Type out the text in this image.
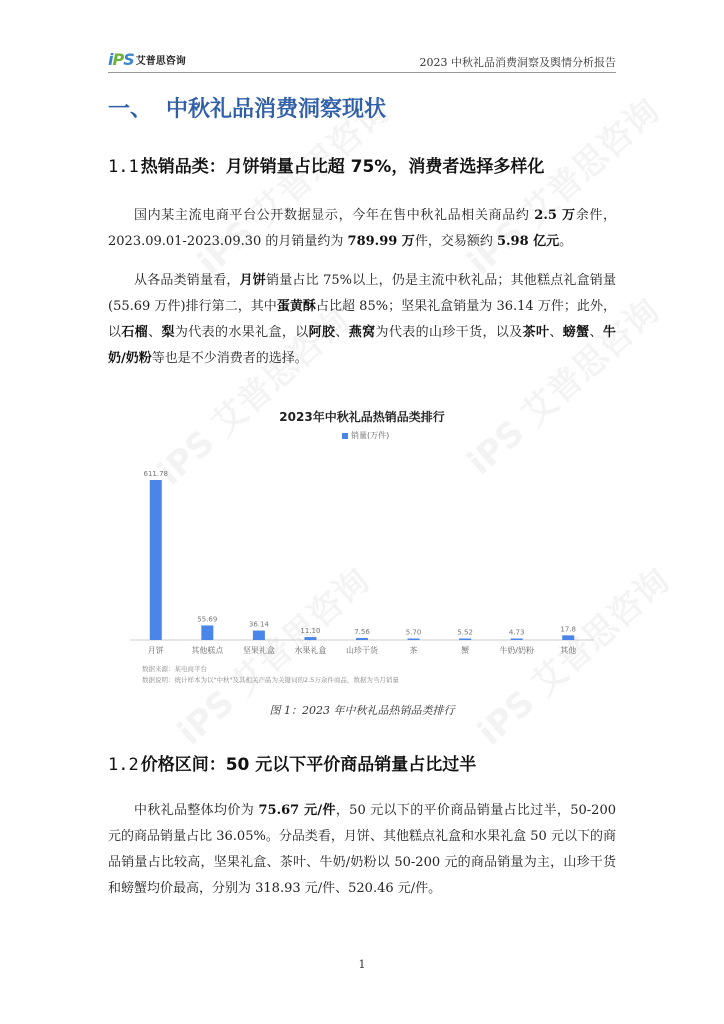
iPS 艾普思咨询	2023 中秋礼品消费洞察及舆情分析报告
一、 中秋礼品消费洞察现状
1.1 热销品类：月饼销量占比超 75%，消费者选择多样化

国内某主流电商平台公开数据显示，今年在售中秋礼品相关商品约 2.5 万余件，2023.09.01-2023.09.30 的月销量约为 789.99 万件，交易额约 5.98 亿元。

从各品类销量看，月饼销量占比 75%以上，仍是主流中秋礼品；其他糕点礼盒销量(55.69 万件)排行第二，其中蛋黄酥占比超 85%；坚果礼盒销量为 36.14 万件；此外，以石榴、梨为代表的水果礼盒，以阿胶、燕窝为代表的山珍干货，以及茶叶、螃蟹、牛奶/奶粉等也是不少消费者的选择。

2023年中秋礼品热销品类排行
销量(万件)
611.78
月饼
55.69
其他糕点
36.14
坚果礼盒
11.10
水果礼盒
7.56
山珍干货
5.70
茶
5.52
蟹
4.73
牛奶/奶粉
17.8
其他
数据来源：某电商平台
数据说明：统计样本为以"中秋"及其相关产品为关键词的2.5万余件商品，数据为当月销量
图 1：2023 年中秋礼品热销品类排行
1.2 价格区间：50 元以下平价商品销量占比过半

中秋礼品整体均价为 75.67 元/件，50 元以下的平价商品销量占比过半，50-200 元的商品销量占比 36.05%。分品类看，月饼、其他糕点礼盒和水果礼盒 50 元以下的商品销量占比较高，坚果礼盒、茶叶、牛奶/奶粉以 50-200 元的商品销量为主，山珍干货和螃蟹均价最高，分别为 318.93 元/件、520.46 元/件。

1
